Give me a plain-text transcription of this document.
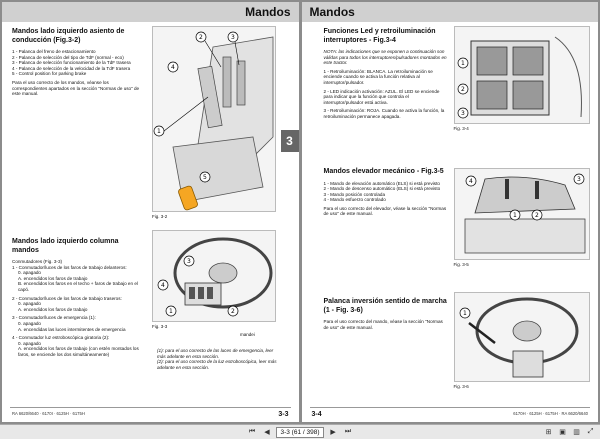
Mandos
3
Mandos lado izquierdo asiento de conducción (Fig.3-2)
1 - Palanca del freno de estacionamiento
2 - Palanca de selección del tipo de TdF (normal - eco)
3 - Palanca de selección funcionamiento de la TdF trasera
4 - Palanca de selección de la velocidad de la TdF trasera
5 - Control position for parking brake
Para el uso correcto de los mandos, véanse los correspondientes apartados en la sección "Normas de uso" de este manual.
2	3
4
1
5
Fig. 3-2
Mandos lado izquierdo columna mandos
Conmutadores (Fig. 3-3)
1 - Conmutador/luces de los faros de trabajo delanteros:
0. apagado
A. encendidos los faros de trabajo
B. encendidos los faros en el techo + faros de trabajo en el capó.
2 - Conmutador/luces de los faros de trabajo traseros:
0. apagado
A. encendidos los faros de trabajo
3 - Conmutador/luces de emergencia (1):
0. apagado
A. encendidas las luces intermitentes de emergencia
4 - Conmutador luz estroboscópica giratoria (2):
0. apagado
A. encendidos los faros de trabajo (con estén montados los faros, se enciende los dos simultáneamente)
4
3
1	2
Fig. 3-3
mandei
(1): para el uso correcto de las luces de emergencia, leer más adelante en esta sección.
(2): para el uso correcto de la luz estroboscópica, leer más adelante en esta sección.
RA 6620/6640 · 6170I · 6125H · 6175H	3-3
Mandos
Funciones Led y retroiluminación interruptores - Fig.3-4
NOTA: las indicaciones que se exponen a continuación son válidas para todos los interruptores/pulsadores montados en este tractor.
1 - Retroiluminación: BLANCA. La retroiluminación se enciende cuando se activa la función relativa al interruptor/pulsador.
2 - LED indicación activación: AZUL. El LED se enciende para indicar que la función que controla el interruptor/pulsador está activa.
3 - Retroiluminación: ROJA. Cuando se activa la función, la retroiluminación permanece apagada.
1
2
3
Fig. 3-4
Mandos elevador mecánico - Fig.3-5
1 - Mando de elevación automático (ELS) si está previsto
2 - Mando de descenso automático (ELS) si está previsto
3 - Mando posición controlada
4 - Mando esfuerzo controlado
Para el uso correcto del elevador, véase la sección "Normas de uso" de este manual.
4	3
1	2
Fig. 3-5
Palanca inversión sentido de marcha (1 - Fig. 3-6)
Para el uso correcto del mando, véase la sección "Normas de uso" de este manual.
1
Fig. 3-6
3-4	6170H · 6125H · 6175H · RA 6620/6640
⏮	◀	3-3 (61 / 398)	▶	⏭	⊞	▣	▥	⤢
